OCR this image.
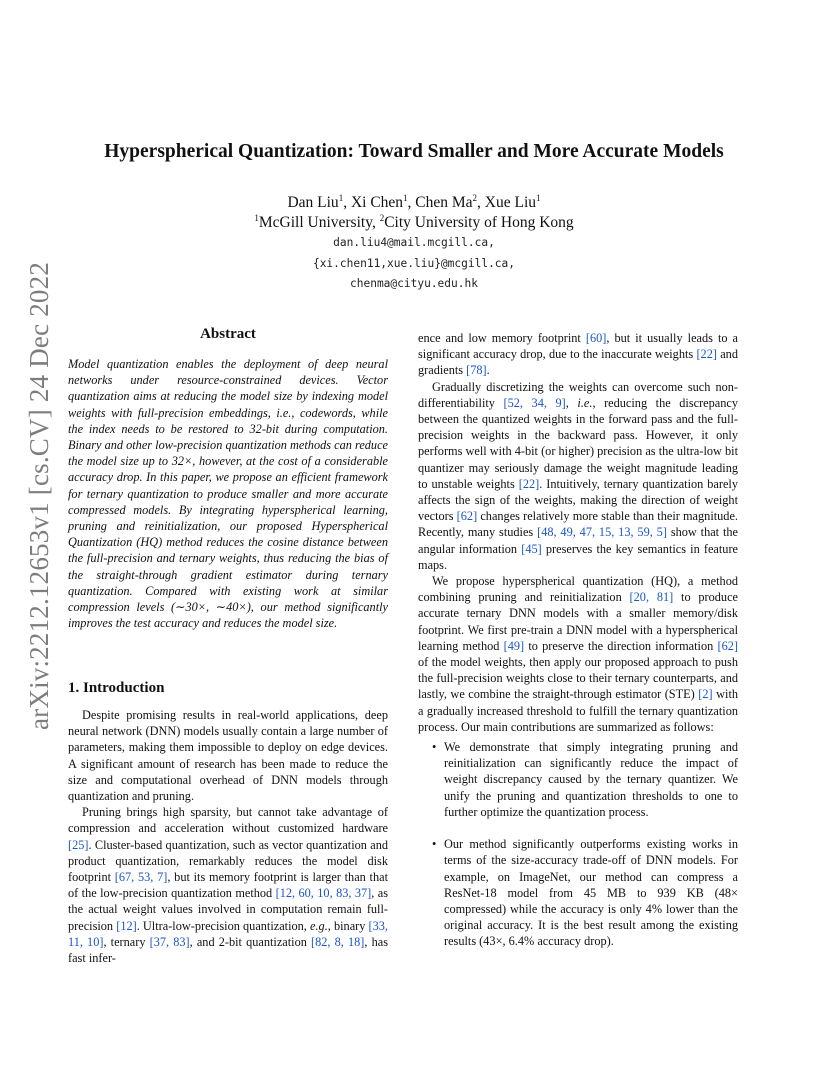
arXiv:2212.12653v1 [cs.CV] 24 Dec 2022
Hyperspherical Quantization: Toward Smaller and More Accurate Models
Dan Liu$^1$, Xi Chen$^1$, Chen Ma$^2$, Xue Liu$^1$
$^1$McGill University, $^2$City University of Hong Kong
dan.liu4@mail.mcgill.ca,
{xi.chen11,xue.liu}@mcgill.ca,
chenma@cityu.edu.hk
Abstract
Model quantization enables the deployment of deep neural networks under resource-constrained devices. Vector quantization aims at reducing the model size by indexing model weights with full-precision embeddings, i.e., codewords, while the index needs to be restored to 32-bit during computation. Binary and other low-precision quantization methods can reduce the model size up to 32×, however, at the cost of a considerable accuracy drop. In this paper, we propose an efficient framework for ternary quantization to produce smaller and more accurate compressed models. By integrating hyperspherical learning, pruning and reinitialization, our proposed Hyperspherical Quantization (HQ) method reduces the cosine distance between the full-precision and ternary weights, thus reducing the bias of the straight-through gradient estimator during ternary quantization. Compared with existing work at similar compression levels (∼30×, ∼40×), our method significantly improves the test accuracy and reduces the model size.
1. Introduction

Despite promising results in real-world applications, deep neural network (DNN) models usually contain a large number of parameters, making them impossible to deploy on edge devices. A significant amount of research has been made to reduce the size and computational overhead of DNN models through quantization and pruning.

Pruning brings high sparsity, but cannot take advantage of compression and acceleration without customized hardware [25]. Cluster-based quantization, such as vector quantization and product quantization, remarkably reduces the model disk footprint [67, 53, 7], but its memory footprint is larger than that of the low-precision quantization method [12, 60, 10, 83, 37], as the actual weight values involved in computation remain full-precision [12]. Ultra-low-precision quantization, e.g., binary [33, 11, 10], ternary [37, 83], and 2-bit quantization [82, 8, 18], has fast infer-

ence and low memory footprint [60], but it usually leads to a significant accuracy drop, due to the inaccurate weights [22] and gradients [78].

Gradually discretizing the weights can overcome such non-differentiability [52, 34, 9], i.e., reducing the discrepancy between the quantized weights in the forward pass and the full-precision weights in the backward pass. However, it only performs well with 4-bit (or higher) precision as the ultra-low bit quantizer may seriously damage the weight magnitude leading to unstable weights [22]. Intuitively, ternary quantization barely affects the sign of the weights, making the direction of weight vectors [62] changes relatively more stable than their magnitude. Recently, many studies [48, 49, 47, 15, 13, 59, 5] show that the angular information [45] preserves the key semantics in feature maps.

We propose hyperspherical quantization (HQ), a method combining pruning and reinitialization [20, 81] to produce accurate ternary DNN models with a smaller memory/disk footprint. We first pre-train a DNN model with a hyperspherical learning method [49] to preserve the direction information [62] of the model weights, then apply our proposed approach to push the full-precision weights close to their ternary counterparts, and lastly, we combine the straight-through estimator (STE) [2] with a gradually increased threshold to fulfill the ternary quantization process. Our main contributions are summarized as follows:

• We demonstrate that simply integrating pruning and reinitialization can significantly reduce the impact of weight discrepancy caused by the ternary quantizer. We unify the pruning and quantization thresholds to one to further optimize the quantization process.
• Our method significantly outperforms existing works in terms of the size-accuracy trade-off of DNN models. For example, on ImageNet, our method can compress a ResNet-18 model from 45 MB to 939 KB (48× compressed) while the accuracy is only 4% lower than the original accuracy. It is the best result among the existing results (43×, 6.4% accuracy drop).
